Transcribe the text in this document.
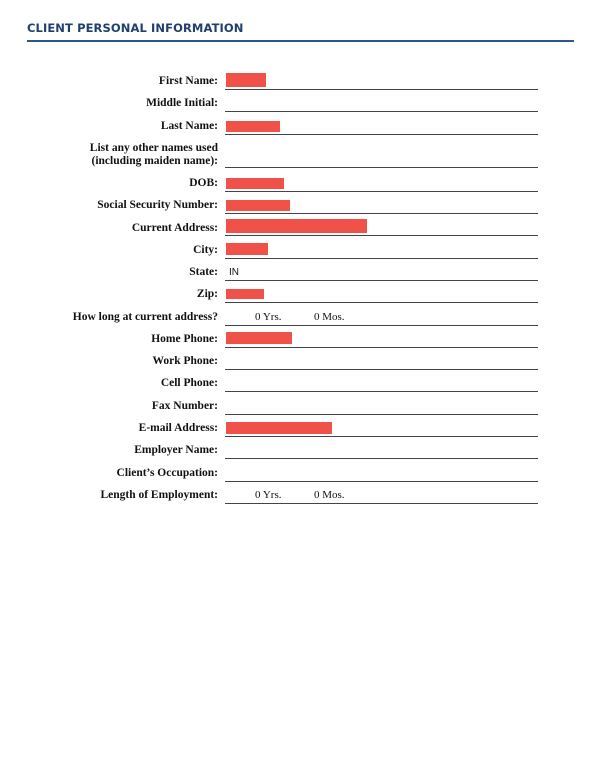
CLIENT PERSONAL INFORMATION
First Name:
Middle Initial:
Last Name:
List any other names used
(including maiden name):
DOB:
Social Security Number:
Current Address:
City:
State: IN
Zip:
How long at current address?	0 Yrs.	0 Mos.
Home Phone:
Work Phone:
Cell Phone:
Fax Number:
E-mail Address:
Employer Name:
Client’s Occupation:
Length of Employment:	0 Yrs.	0 Mos.
